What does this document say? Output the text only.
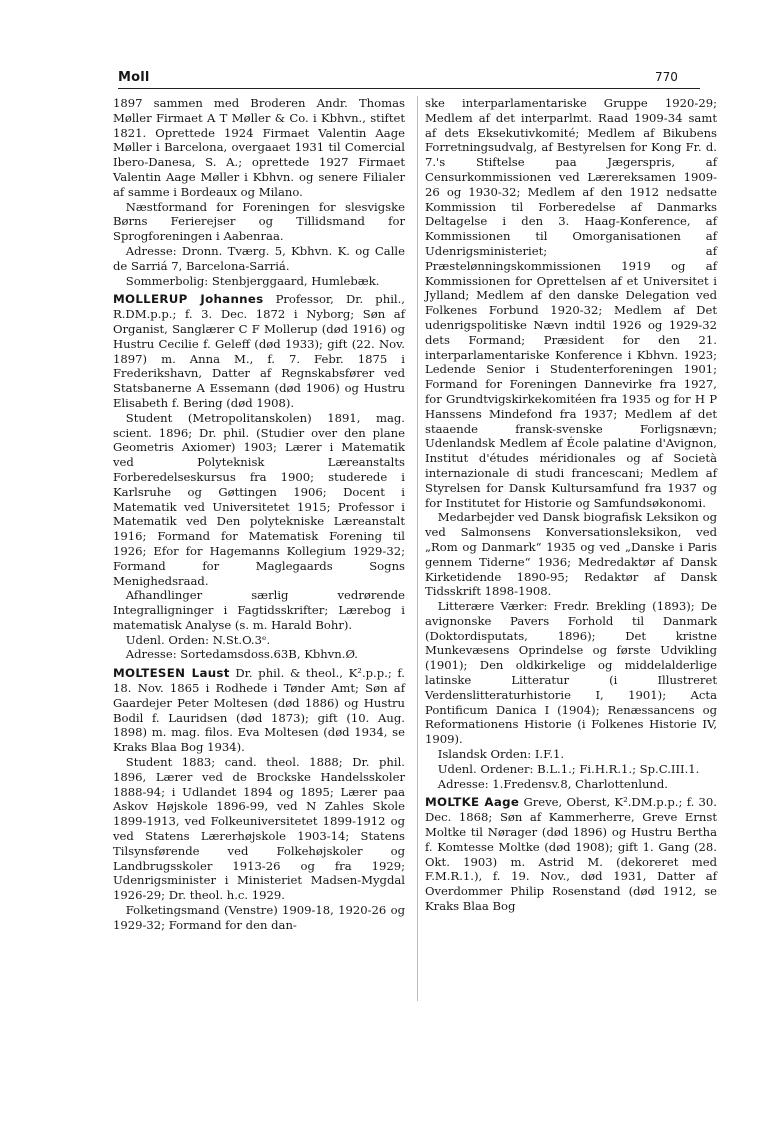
Moll	770

1897 sammen med Broderen Andr. Thomas Møller Firmaet A T Møller & Co. i Kbhvn., stiftet 1821. Oprettede 1924 Firmaet Valentin Aage Møller i Barcelona, overgaaet 1931 til Comercial Ibero-Danesa, S. A.; oprettede 1927 Firmaet Valentin Aage Møller i Kbhvn. og senere Filialer af samme i Bordeaux og Milano.

Næstformand for Foreningen for slesvigske Børns Ferierejser og Tillidsmand for Sprogforeningen i Aabenraa.

Adresse: Dronn. Tværg. 5, Kbhvn. K. og Calle de Sarriá 7, Barcelona-Sarriá.

Sommerbolig: Stenbjerggaard, Humlebæk.

MOLLERUP Johannes Professor, Dr. phil., R.DM.p.p.; f. 3. Dec. 1872 i Nyborg; Søn af Organist, Sanglærer C F Mollerup (død 1916) og Hustru Cecilie f. Geleff (død 1933); gift (22. Nov. 1897) m. Anna M., f. 7. Febr. 1875 i Frederikshavn, Datter af Regnskabsfører ved Statsbanerne A Essemann (død 1906) og Hustru Elisabeth f. Bering (død 1908).

Student (Metropolitanskolen) 1891, mag. scient. 1896; Dr. phil. (Studier over den plane Geometris Axiomer) 1903; Lærer i Matematik ved Polyteknisk Læreanstalts Forberedelseskursus fra 1900; studerede i Karlsruhe og Gøttingen 1906; Docent i Matematik ved Universitetet 1915; Professor i Matematik ved Den polytekniske Læreanstalt 1916; Formand for Matematisk Forening til 1926; Efor for Hagemanns Kollegium 1929-32; Formand for Maglegaards Sogns Menighedsraad.

Afhandlinger særlig vedrørende Integralligninger i Fagtidsskrifter; Lærebog i matematisk Analyse (s. m. Harald Bohr).

Udenl. Orden: N.St.O.3ᵉ.

Adresse: Sortedamsdoss.63B, Kbhvn.Ø.

MOLTESEN Laust Dr. phil. & theol., K².p.p.; f. 18. Nov. 1865 i Rodhede i Tønder Amt; Søn af Gaardejer Peter Moltesen (død 1886) og Hustru Bodil f. Lauridsen (død 1873); gift (10. Aug. 1898) m. mag. filos. Eva Moltesen (død 1934, se Kraks Blaa Bog 1934).

Student 1883; cand. theol. 1888; Dr. phil. 1896, Lærer ved de Brockske Handelsskoler 1888-94; i Udlandet 1894 og 1895; Lærer paa Askov Højskole 1896-99, ved N Zahles Skole 1899-1913, ved Folkeuniversitetet 1899-1912 og ved Statens Lærerhøjskole 1903-14; Statens Tilsynsførende ved Folkehøjskoler og Landbrugsskoler 1913-26 og fra 1929; Udenrigsminister i Ministeriet Madsen-Mygdal 1926-29; Dr. theol. h.c. 1929.

Folketingsmand (Venstre) 1909-18, 1920-26 og 1929-32; Formand for den dan-

ske interparlamentariske Gruppe 1920-29; Medlem af det interparlmt. Raad 1909-34 samt af dets Eksekutivkomité; Medlem af Bikubens Forretningsudvalg, af Bestyrelsen for Kong Fr. d. 7.'s Stiftelse paa Jægerspris, af Censurkommissionen ved Lærereksamen 1909-26 og 1930-32; Medlem af den 1912 nedsatte Kommission til Forberedelse af Danmarks Deltagelse i den 3. Haag-Konference, af Kommissionen til Omorganisationen af Udenrigsministeriet; af Præstelønningskommissionen 1919 og af Kommissionen for Oprettelsen af et Universitet i Jylland; Medlem af den danske Delegation ved Folkenes Forbund 1920-32; Medlem af Det udenrigspolitiske Nævn indtil 1926 og 1929-32 dets Formand; Præsident for den 21. interparlamentariske Konference i Kbhvn. 1923; Ledende Senior i Studenterforeningen 1901; Formand for Foreningen Dannevirke fra 1927, for Grundtvigskirkekomitéen fra 1935 og for H P Hanssens Mindefond fra 1937; Medlem af det staaende fransk-svenske Forligsnævn; Udenlandsk Medlem af École palatine d'Avignon, Institut d'études méridionales og af Società internazionale di studi francescani; Medlem af Styrelsen for Dansk Kultursamfund fra 1937 og for Institutet for Historie og Samfundsøkonomi.

Medarbejder ved Dansk biografisk Leksikon og ved Salmonsens Konversationsleksikon, ved „Rom og Danmark“ 1935 og ved „Danske i Paris gennem Tiderne“ 1936; Medredaktør af Dansk Kirketidende 1890-95; Redaktør af Dansk Tidsskrift 1898-1908.

Litterære Værker: Fredr. Brekling (1893); De avignonske Pavers Forhold til Danmark (Doktordisputats, 1896); Det kristne Munkevæsens Oprindelse og første Udvikling (1901); Den oldkirkelige og middelalderlige latinske Litteratur (i Illustreret Verdenslitteraturhistorie I, 1901); Acta Pontificum Danica I (1904); Renæssancens og Reformationens Historie (i Folkenes Historie IV, 1909).

Islandsk Orden: I.F.1.

Udenl. Ordener: B.L.1.; Fi.H.R.1.; Sp.C.III.1.

Adresse: 1.Fredensv.8, Charlottenlund.

MOLTKE Aage Greve, Oberst, K².DM.p.p.; f. 30. Dec. 1868; Søn af Kammerherre, Greve Ernst Moltke til Nørager (død 1896) og Hustru Bertha f. Komtesse Moltke (død 1908); gift 1. Gang (28. Okt. 1903) m. Astrid M. (dekoreret med F.M.R.1.), f. 19. Nov., død 1931, Datter af Overdommer Philip Rosenstand (død 1912, se Kraks Blaa Bog
